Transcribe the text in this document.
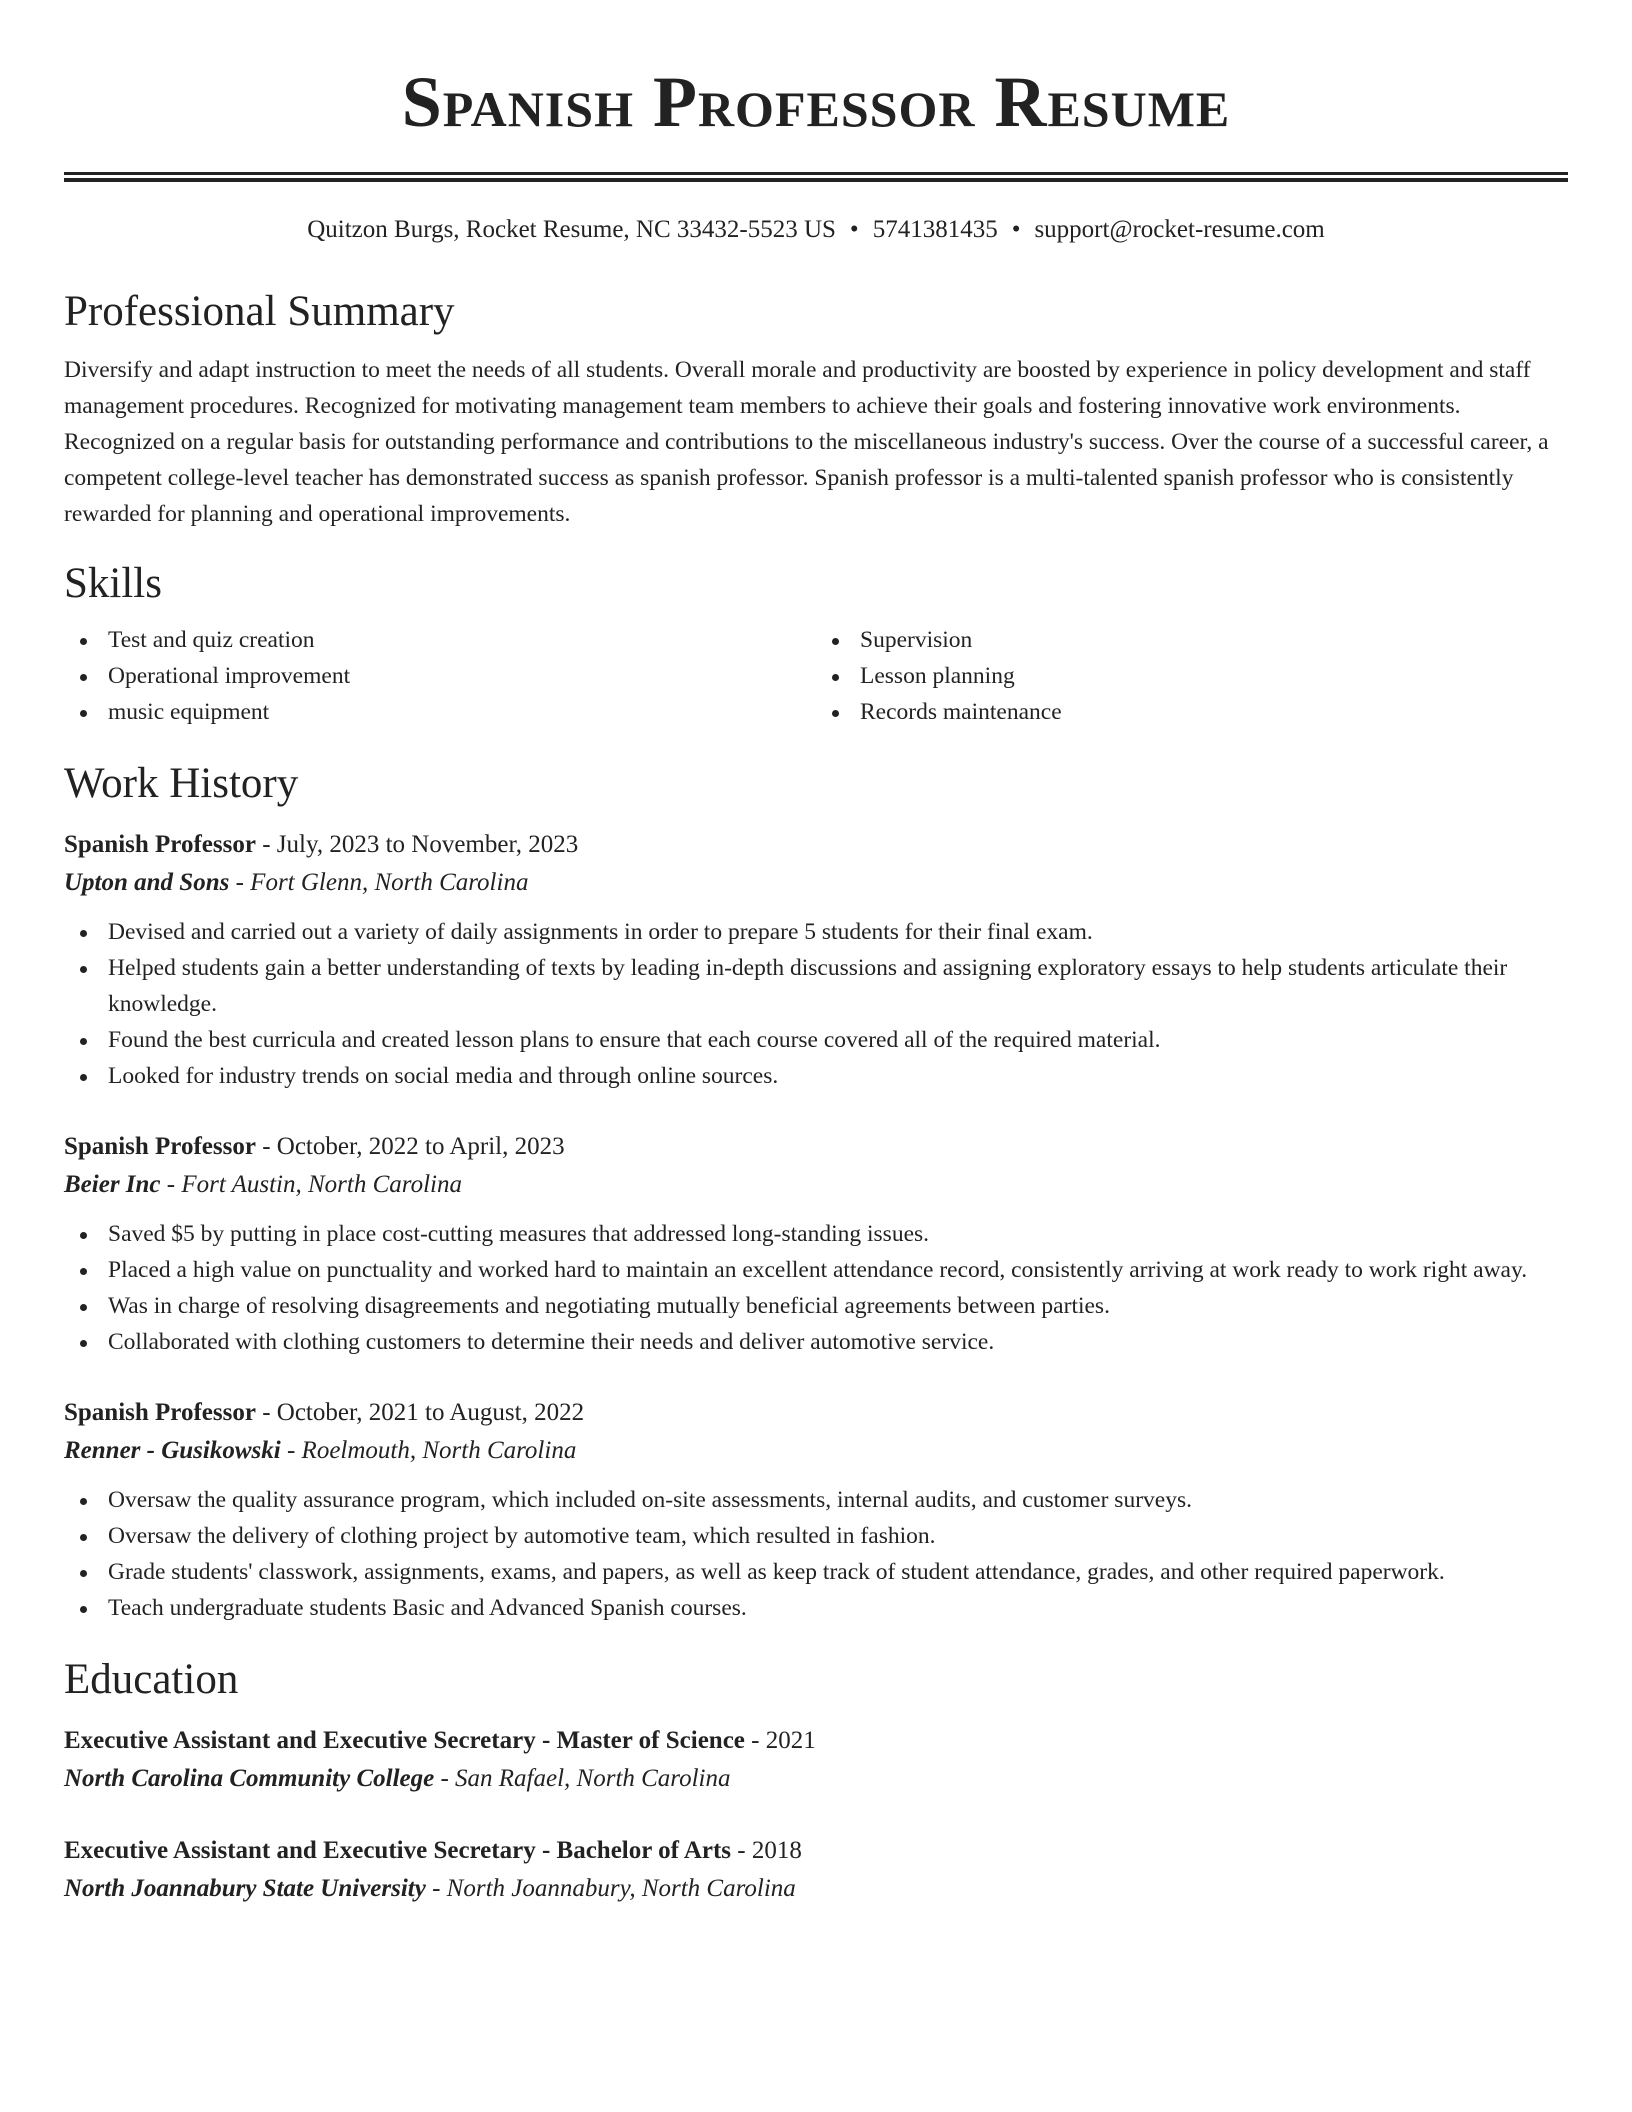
Spanish Professor Resume
Quitzon Burgs, Rocket Resume, NC 33432-5523 US • 5741381435 • support@rocket-resume.com
Professional Summary

Diversify and adapt instruction to meet the needs of all students. Overall morale and productivity are boosted by experience in policy development and staff management procedures. Recognized for motivating management team members to achieve their goals and fostering innovative work environments. Recognized on a regular basis for outstanding performance and contributions to the miscellaneous industry's success. Over the course of a successful career, a competent college-level teacher has demonstrated success as spanish professor. Spanish professor is a multi-talented spanish professor who is consistently rewarded for planning and operational improvements.

Skills
Test and quiz creation
Operational improvement
music equipment
Supervision
Lesson planning
Records maintenance
Work History
Spanish Professor - July, 2023 to November, 2023
Upton and Sons - Fort Glenn, North Carolina
Devised and carried out a variety of daily assignments in order to prepare 5 students for their final exam.
Helped students gain a better understanding of texts by leading in-depth discussions and assigning exploratory essays to help students articulate their knowledge.
Found the best curricula and created lesson plans to ensure that each course covered all of the required material.
Looked for industry trends on social media and through online sources.
Spanish Professor - October, 2022 to April, 2023
Beier Inc - Fort Austin, North Carolina
Saved $5 by putting in place cost-cutting measures that addressed long-standing issues.
Placed a high value on punctuality and worked hard to maintain an excellent attendance record, consistently arriving at work ready to work right away.
Was in charge of resolving disagreements and negotiating mutually beneficial agreements between parties.
Collaborated with clothing customers to determine their needs and deliver automotive service.
Spanish Professor - October, 2021 to August, 2022
Renner - Gusikowski - Roelmouth, North Carolina
Oversaw the quality assurance program, which included on-site assessments, internal audits, and customer surveys.
Oversaw the delivery of clothing project by automotive team, which resulted in fashion.
Grade students' classwork, assignments, exams, and papers, as well as keep track of student attendance, grades, and other required paperwork.
Teach undergraduate students Basic and Advanced Spanish courses.
Education
Executive Assistant and Executive Secretary - Master of Science - 2021
North Carolina Community College - San Rafael, North Carolina
Executive Assistant and Executive Secretary - Bachelor of Arts - 2018
North Joannabury State University - North Joannabury, North Carolina
